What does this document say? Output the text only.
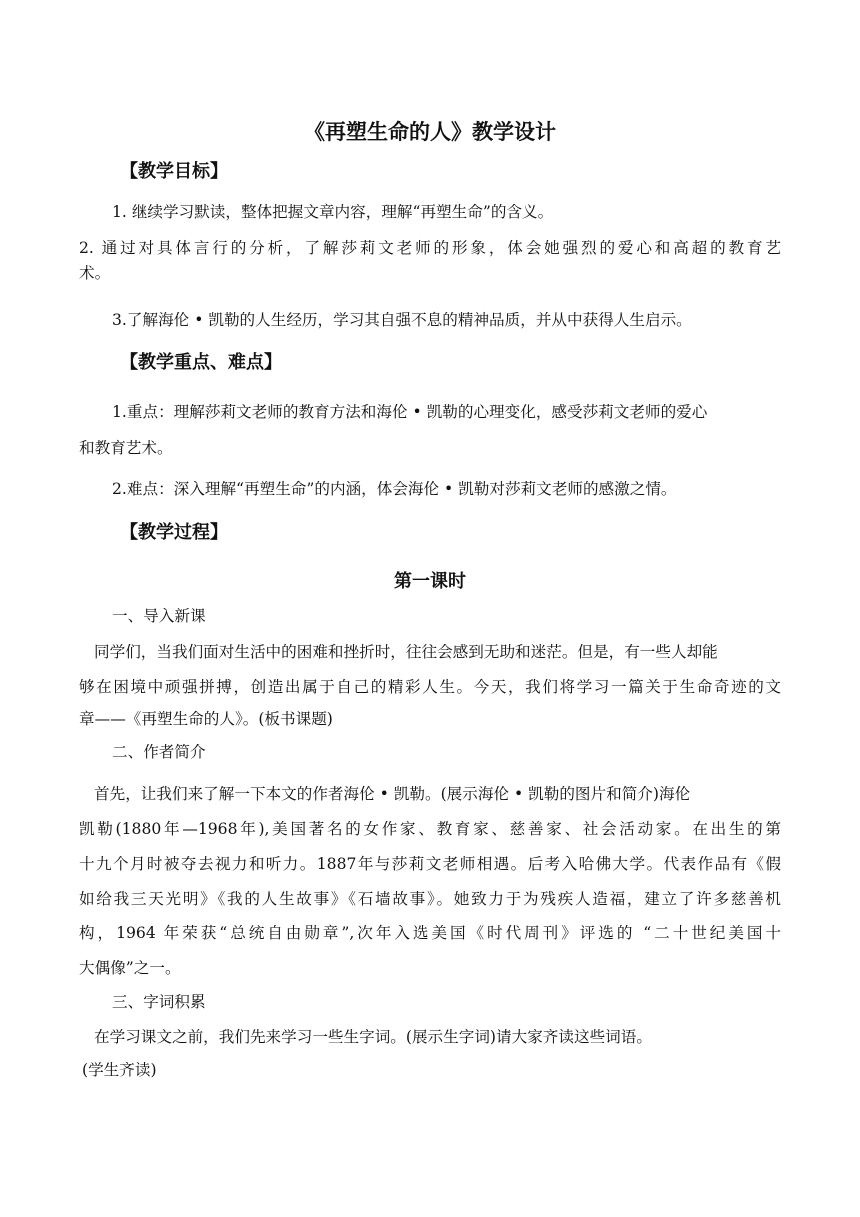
《再塑生命的人》教学设计
【教学目标】
1. 继续学习默读，整体把握文章内容，理解“再塑生命”的含义。
2. 通过对具体言行的分析，了解莎莉文老师的形象，体会她强烈的爱心和高超的教育艺
术。
3.了解海伦 • 凯勒的人生经历，学习其自强不息的精神品质，并从中获得人生启示。
【教学重点、难点】
1.重点：理解莎莉文老师的教育方法和海伦 • 凯勒的心理变化，感受莎莉文老师的爱心
和教育艺术。
2.难点：深入理解“再塑生命”的内涵，体会海伦 • 凯勒对莎莉文老师的感激之情。
【教学过程】
第一课时
一、导入新课
同学们，当我们面对生活中的困难和挫折时，往往会感到无助和迷茫。但是，有一些人却能
够在困境中顽强拼搏，创造出属于自己的精彩人生。今天，我们将学习一篇关于生命奇迹的文
章——《再塑生命的人》。(板书课题)
二、作者简介
首先，让我们来了解一下本文的作者海伦 • 凯勒。(展示海伦 • 凯勒的图片和简介)海伦
凯勒(1880年—1968年),美国著名的女作家、教育家、慈善家、社会活动家。在出生的第
十九个月时被夺去视力和听力。1887年与莎莉文老师相遇。后考入哈佛大学。代表作品有《假
如给我三天光明》《我的人生故事》《石墙故事》。她致力于为残疾人造福，建立了许多慈善机
构，1964 年荣获“总统自由勋章”,次年入选美国《时代周刊》评选的 “二十世纪美国十
大偶像”之一。
三、字词积累
在学习课文之前，我们先来学习一些生字词。(展示生字词)请大家齐读这些词语。
(学生齐读)
